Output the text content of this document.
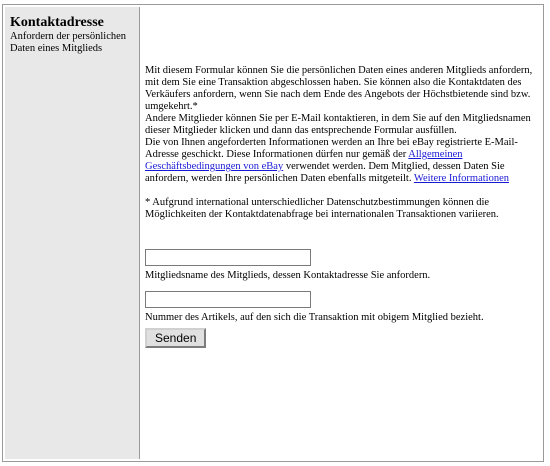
Kontaktadresse
Anfordern der persönlichen Daten eines Mitglieds

Mit diesem Formular können Sie die persönlichen Daten eines anderen Mitglieds anfordern, mit dem Sie eine Transaktion abgeschlossen haben. Sie können also die Kontaktdaten des Verkäufers anfordern, wenn Sie nach dem Ende des Angebots der Höchstbietende sind bzw. umgekehrt.*

Andere Mitglieder können Sie per E-Mail kontaktieren, in dem Sie auf den Mitgliedsnamen dieser Mitglieder klicken und dann das entsprechende Formular ausfüllen.

Die von Ihnen angeforderten Informationen werden an Ihre bei eBay registrierte E-Mail-Adresse geschickt. Diese Informationen dürfen nur gemäß der Allgemeinen Geschäftsbedingungen von eBay verwendet werden. Dem Mitglied, dessen Daten Sie anfordern, werden Ihre persönlichen Daten ebenfalls mitgeteilt. Weitere Informationen

* Aufgrund international unterschiedlicher Datenschutzbestimmungen können die Möglichkeiten der Kontaktdatenabfrage bei internationalen Transaktionen variieren.

Mitgliedsname des Mitglieds, dessen Kontaktadresse Sie anfordern.
Nummer des Artikels, auf den sich die Transaktion mit obigem Mitglied bezieht.
Senden
